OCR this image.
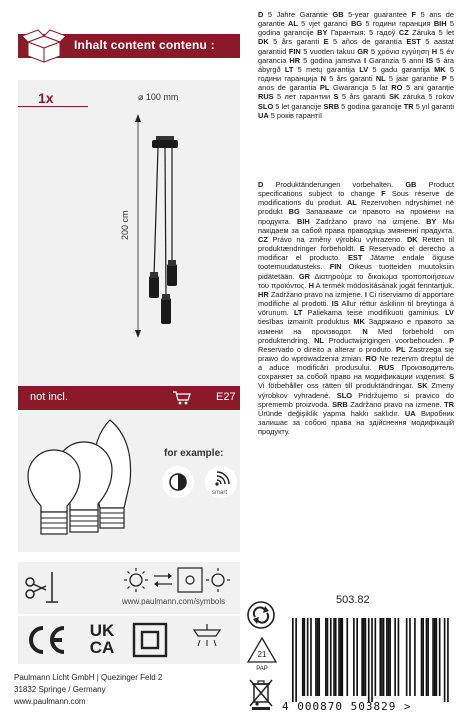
Inhalt content contenu :
1x	⌀ 100 mm
200 cm
not incl.	E27
for example:
smart
www.paulmann.com/symbols
UK
CA
Paulmann Licht GmbH | Quezinger Feld 2
31832 Springe / Germany
www.paulmann.com
D 5 Jahre Garantie GB 5-year guarantee F 5 ans de garantie AL 5 vjet garanci BG 5 години гаранция BIH 5 godina garancije BY Гарантыя: 5 гадоў CZ Záruka 5 let DK 5 års garanti E 5 años de garantía EST 5 aastat garantiid FIN 5 vuoden takuu GR 5 χρόνια εγγύηση H 5 év garancia HR 5 godina jamstva I Garanzia 5 anni IS 5 ára ábyrgð LT 5 metų garantija LV 5 gadu garantija MK 5 години гаранција N 5 års garanti NL 5 jaar garantie P 5 anos de garantia PL Gwarancja 5 lat RO 5 ani garanție RUS 5 лет гарантии S 5 års garanti SK záruka 5 rokov SLO 5 let garancije SRB 5 godina garancije TR 5 yıl garanti UA 5 років гарантії
D Produktänderungen vorbehalten. GB Product specifications subject to change F Sous réserve de modifications du produit. AL Rezervohen ndryshimet në produkt BG Запазваме си правото на промени на продукта. BIH Zadržano pravo na izmjene. BY Мы пакідаем за сабой права праводзіць змяненні прадукта. CZ Právo na změny výrobku vyhrazeno. DK Retten til produktændringer forbeholdt. E Reservado el derecho a modificar el producto. EST Jätame endale õiguse tootemuudatusteks. FIN Oikeus tuotteiden muutoksiin pidätetään. GR Διατηρούμε το δικαίωμα τροποποιήσεων του προϊόντος. H A termék módosításának jogát fenntartjuk. HR Zadržano pravo na izmjene. I Ci riserviamo di apportare modifiche al prodotti. IS Allur réttur áskilinn til breytinga á vörunum. LT Paliekama teisė modifikuoti gaminius. LV tiesības izmainīt produktus MK Задржано е правото за измени на производот. N Med forbehold om produktendring. NL Productwijzigingen voorbehouden. P Reservado o direito a alterar o produto. PL Zastrzega się prawo do wprowadzenia zmian. RO Ne rezervm dreptul de a aduce modificări produsului. RUS Производитель сохраняет за собой право на модификации изделия. S Vi förbehåller oss rätten till produktändringar. SK Zmeny výrobkov vyhradené. SLO Pridržujemo si pravico do sprememb proizvoda. SRB Zadržano pravo na izmene. TR Üründe değişiklik yapma hakkı saklıdır. UA Виробник залишає за собою права на здійснення модифікацій продукту.
503.82
21
PAP
4 000870 503829 >
